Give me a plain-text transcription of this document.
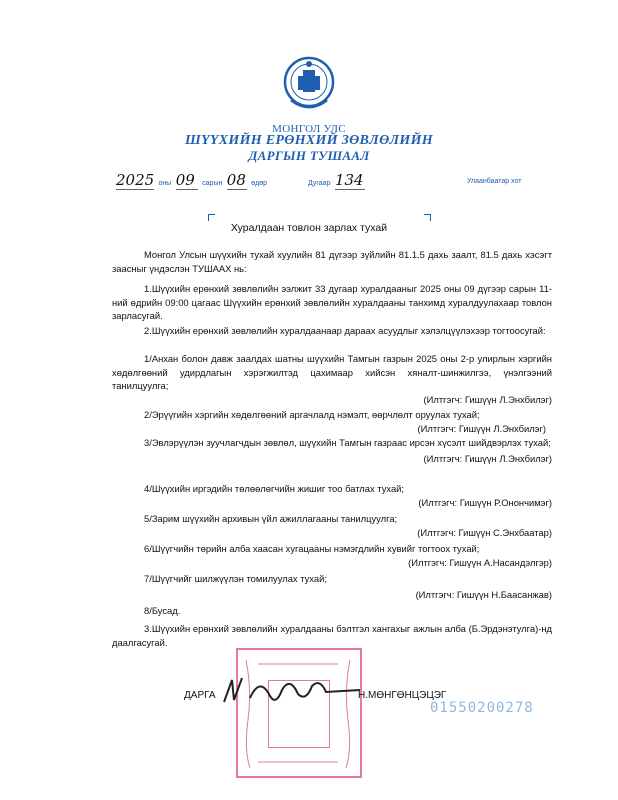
МОНГОЛ УЛС
ШҮҮХИЙН ЕРӨНХИЙ ЗӨВЛӨЛИЙН
ДАРГЫН ТУШААЛ
2025 оны 09 сарын 08 өдөр	Дугаар 134	Улаанбаатар хот
Хуралдаан товлон зарлах тухай
Монгол Улсын шүүхийн тухай хуулийн 81 дүгээр зүйлийн 81.1.5 дахь заалт, 81.5 дахь хэсэгт заасныг үндэслэн ТУШААХ нь:
1.Шүүхийн ерөнхий зөвлөлийн ээлжит 33 дугаар хуралдааныг 2025 оны 09 дүгээр сарын 11-ний өдрийн 09:00 цагаас Шүүхийн ерөнхий зөвлөлийн хуралдааны танхимд хуралдуулахаар товлон зарласугай.
2.Шүүхийн ерөнхий зөвлөлийн хуралдаанаар дараах асуудлыг хэлэлцүүлэхээр тогтоосугай:
1/Анхан болон давж заалдах шатны шүүхийн Тамгын газрын 2025 оны 2-р улирлын хэргийн хөдөлгөөний удирдлагын хэрэгжилтэд цахимаар хийсэн хяналт-шинжилгээ, үнэлгээний танилцуулга;
(Илтгэгч: Гишүүн Л.Энхбилэг)
2/Эрүүгийн хэргийн хөдөлгөөний аргачлалд нэмэлт, өөрчлөлт оруулах тухай;
(Илтгэгч: Гишүүн Л.Энхбилэг)
3/Эвлэрүүлэн зуучлагчдын зөвлөл, шүүхийн Тамгын газраас ирсэн хүсэлт шийдвэрлэх тухай;
(Илтгэгч: Гишүүн Л.Энхбилэг)
4/Шүүхийн иргэдийн төлөөлөгчийн жишиг тоо батлах тухай;
(Илтгэгч: Гишүүн Р.Онончимэг)
5/Зарим шүүхийн архивын үйл ажиллагааны танилцуулга;
(Илтгэгч: Гишүүн С.Энхбаатар)
6/Шүүгчийн төрийн алба хаасан хугацааны нэмэгдлийн хувийг тогтоох тухай;
(Илтгэгч: Гишүүн А.Насандэлгэр)
7/Шүүгчийг шилжүүлэн томилуулах тухай;
(Илтгэгч: Гишүүн Н.Баасанжав)
8/Бусад.
3.Шүүхийн ерөнхий зөвлөлийн хуралдааны бэлтгэл хангахыг ажлын алба (Б.Эрдэнэтулга)-нд даалгасугай.
ДАРГА	Н.МӨНГӨНЦЭЦЭГ
01550200278
